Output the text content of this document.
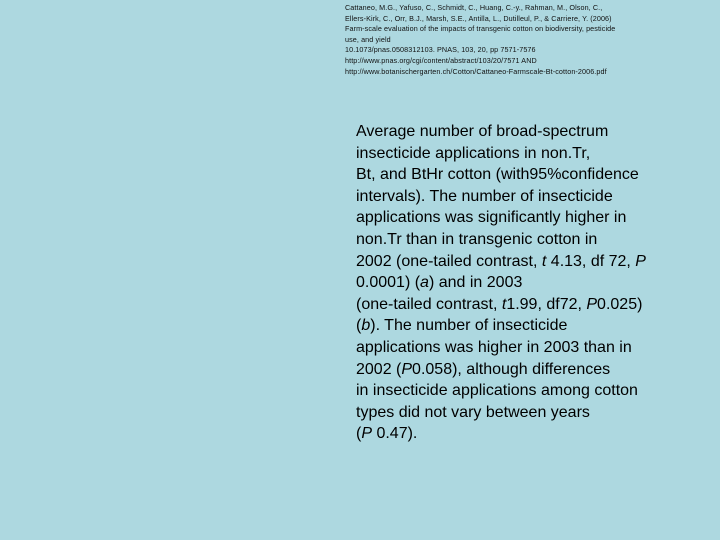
Cattaneo, M.G., Yafuso, C., Schmidt, C., Huang, C.-y., Rahman, M., Olson, C.,
Ellers-Kirk, C., Orr, B.J., Marsh, S.E., Antilla, L., Dutilleul, P., & Carriere, Y. (2006)
Farm-scale evaluation of the impacts of transgenic cotton on biodiversity, pesticide
use, and yield
10.1073/pnas.0508312103. PNAS, 103, 20, pp 7571-7576
http://www.pnas.org/cgi/content/abstract/103/20/7571 AND
http://www.botanischergarten.ch/Cotton/Cattaneo-Farmscale-Bt-cotton-2006.pdf
Average number of broad-spectrum
insecticide applications in non.Tr,
Bt, and BtHr cotton (with95%confidence
intervals). The number of insecticide
applications was significantly higher in
non.Tr than in transgenic cotton in
2002 (one-tailed contrast, t 4.13, df 72, P
0.0001) (a) and in 2003
(one-tailed contrast, t1.99, df72, P0.025)
(b). The number of insecticide
applications was higher in 2003 than in
2002 (P0.058), although differences
in insecticide applications among cotton
types did not vary between years
(P 0.47).
